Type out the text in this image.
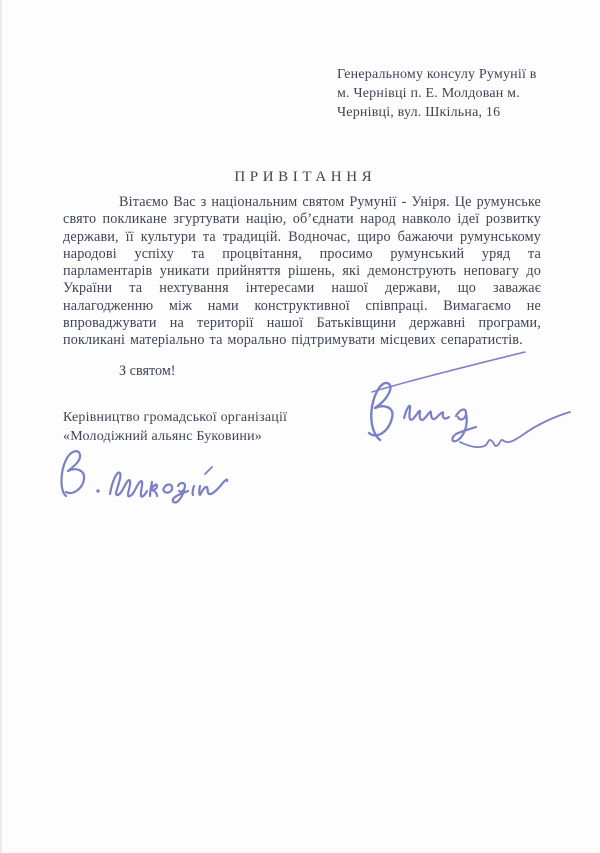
Генеральному консулу Румунії в
м. Чернівці п. Е. Молдован м.
Чернівці, вул. Шкільна, 16
ПРИВІТАННЯ

Вітаємо Вас з національним святом Румунії - Уніря. Це румунське свято покликане згуртувати націю, об’єднати народ навколо ідеї розвитку держави, її культури та традицій. Водночас, щиро бажаючи румунському народові успіху та процвітання, просимо румунський уряд та парламентарів уникати прийняття рішень, які демонструють неповагу до України та нехтування інтересами нашої держави, що заважає налагодженню між нами конструктивної співпраці. Вимагаємо не впроваджувати на території нашої Батьківщини державні програми, покликані матеріально та морально підтримувати місцевих сепаратистів.

З святом!
Керівництво громадської організації
«Молодіжний альянс Буковини»
